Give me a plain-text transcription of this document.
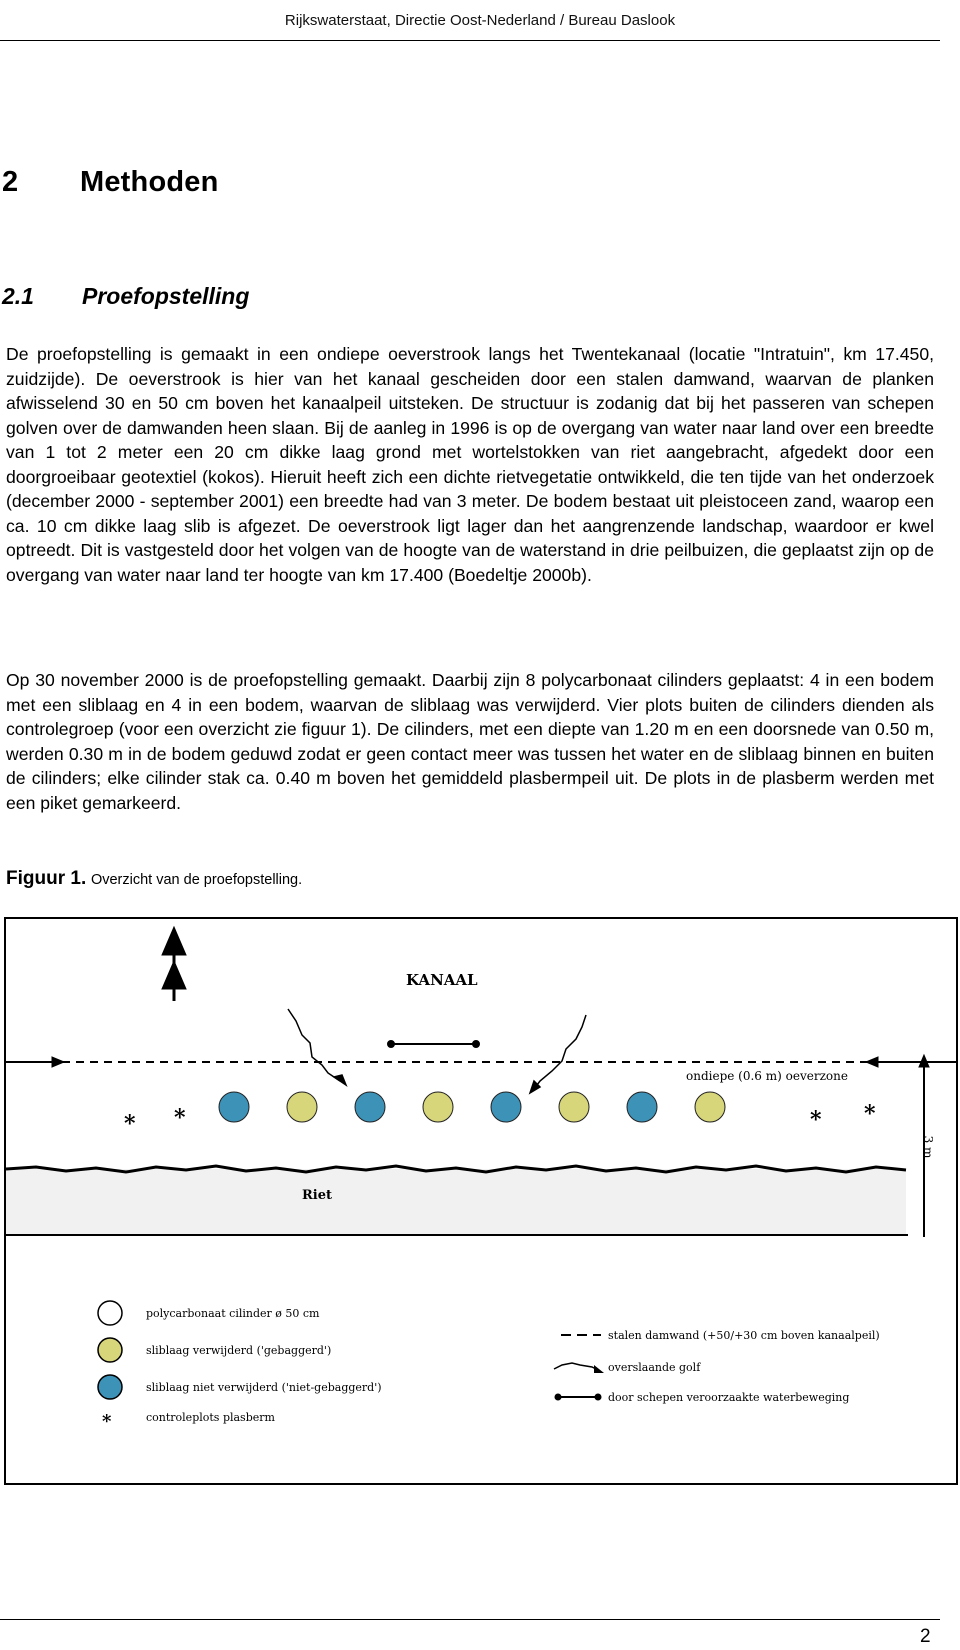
Rijkswaterstaat, Directie Oost-Nederland / Bureau Daslook
2 Methoden
2.1 Proefopstelling

De proefopstelling is gemaakt in een ondiepe oeverstrook langs het Twentekanaal (locatie "Intratuin", km 17.450, zuidzijde). De oeverstrook is hier van het kanaal gescheiden door een stalen damwand, waarvan de planken afwisselend 30 en 50 cm boven het kanaalpeil uitsteken. De structuur is zodanig dat bij het passeren van schepen golven over de damwanden heen slaan. Bij de aanleg in 1996 is op de overgang van water naar land over een breedte van 1 tot 2 meter een 20 cm dikke laag grond met wortelstokken van riet aangebracht, afgedekt door een doorgroeibaar geotextiel (kokos). Hieruit heeft zich een dichte rietvegetatie ontwikkeld, die ten tijde van het onderzoek (december 2000 - september 2001) een breedte had van 3 meter. De bodem bestaat uit pleistoceen zand, waarop een ca. 10 cm dikke laag slib is afgezet. De oeverstrook ligt lager dan het aangrenzende landschap, waardoor er kwel optreedt. Dit is vastgesteld door het volgen van de hoogte van de waterstand in drie peilbuizen, die geplaatst zijn op de overgang van water naar land ter hoogte van km 17.400 (Boedeltje 2000b).

Op 30 november 2000 is de proefopstelling gemaakt. Daarbij zijn 8 polycarbonaat cilinders geplaatst: 4 in een bodem met een sliblaag en 4 in een bodem, waarvan de sliblaag was verwijderd. Vier plots buiten de cilinders dienden als controlegroep (voor een overzicht zie figuur 1). De cilinders, met een diepte van 1.20 m en een doorsnede van 0.50 m, werden 0.30 m in de bodem geduwd zodat er geen contact meer was tussen het water en de sliblaag binnen en buiten de cilinders; elke cilinder stak ca. 0.40 m boven het gemiddeld plasbermpeil uit. De plots in de plasberm werden met een piket gemarkeerd.

Figuur 1. Overzicht van de proefopstelling.

KANAAL
ondiepe (0.6 m) oeverzone
3 m
* *	* *
Riet
polycarbonaat cilinder ø 50 cm
sliblaag verwijderd ('gebaggerd')
sliblaag niet verwijderd ('niet-gebaggerd')
*	controleplots plasberm
stalen damwand (+50/+30 cm boven kanaalpeil)
overslaande golf
door schepen veroorzaakte waterbeweging
2
